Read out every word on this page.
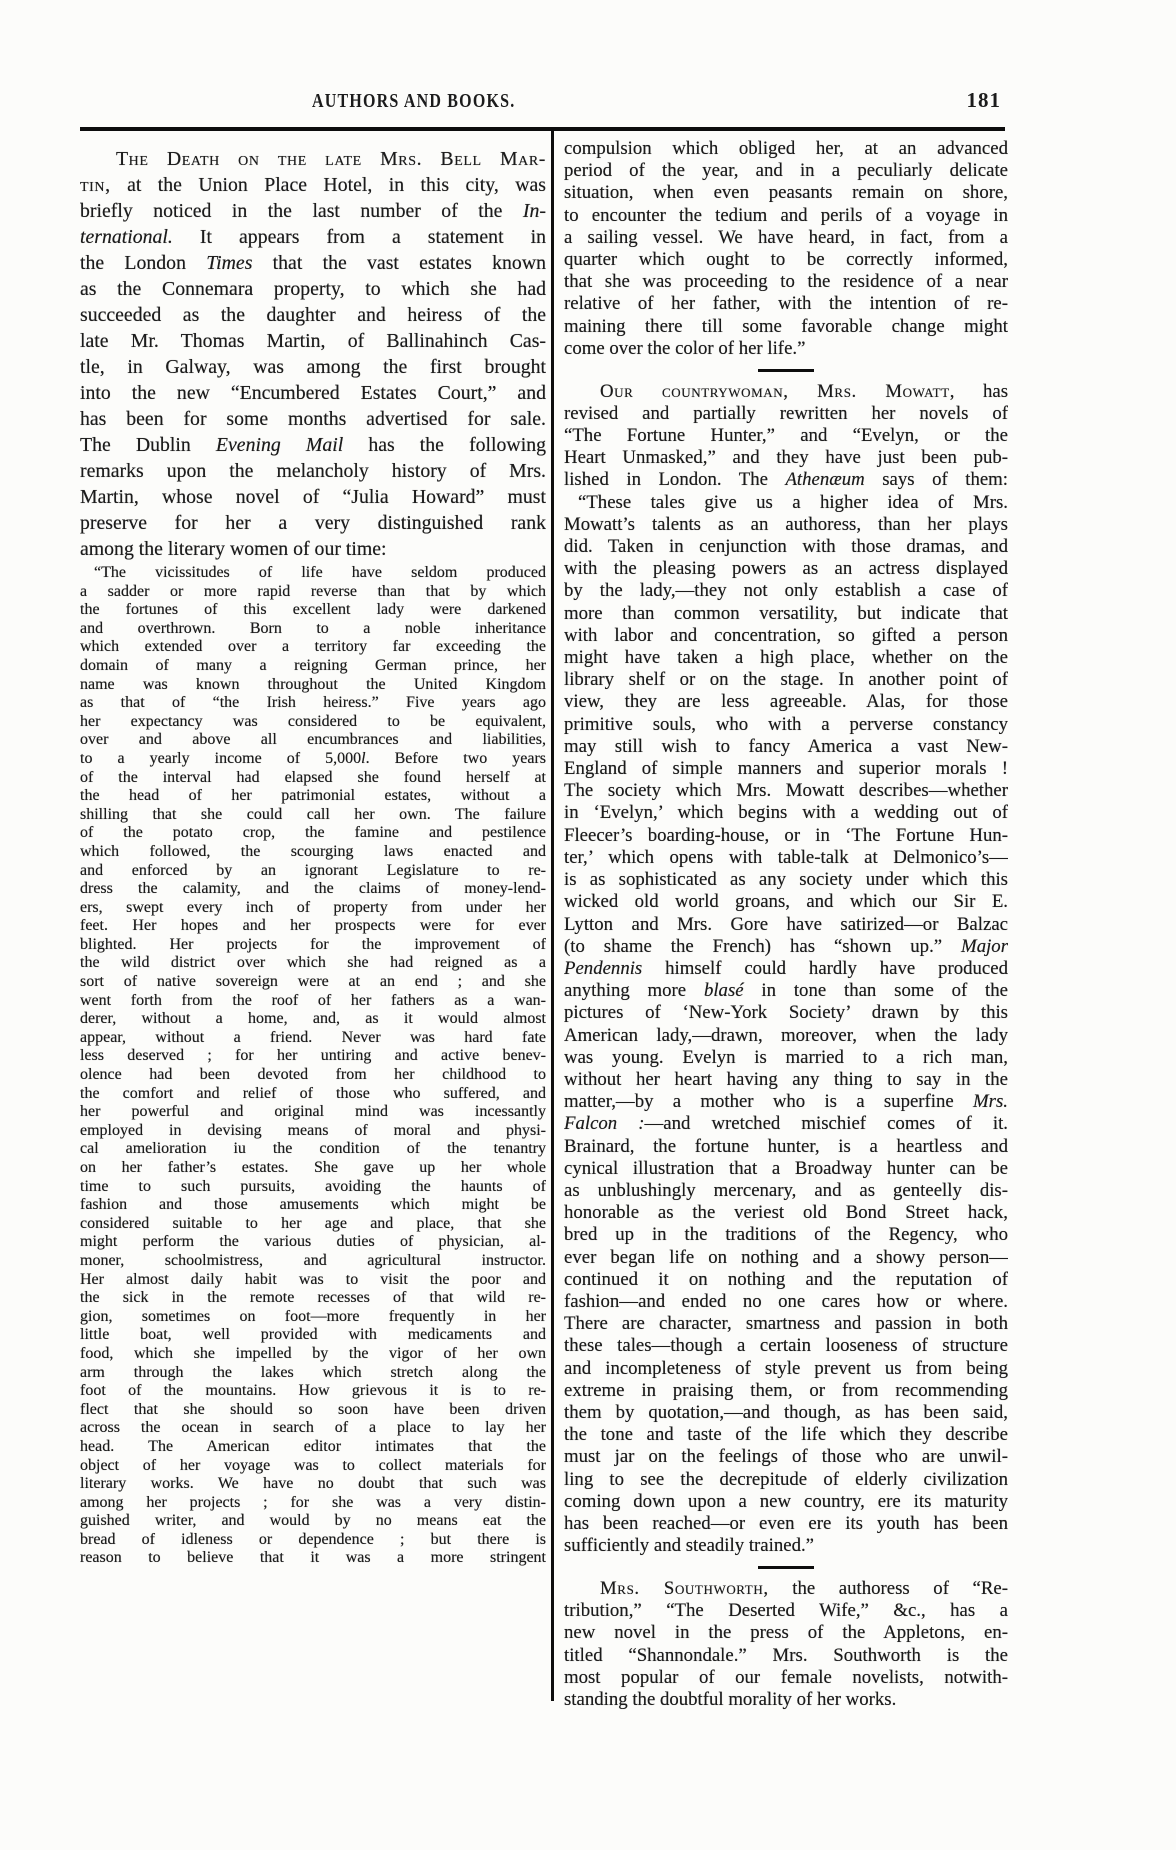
AUTHORS AND BOOKS.	181
The Death on the late Mrs. Bell Mar-
tin, at the Union Place Hotel, in this city, was
briefly noticed in the last number of the In-
ternational. It appears from a statement in
the London Times that the vast estates known
as the Connemara property, to which she had
succeeded as the daughter and heiress of the
late Mr. Thomas Martin, of Ballinahinch Cas-
tle, in Galway, was among the first brought
into the new “Encumbered Estates Court,” and
has been for some months advertised for sale.
The Dublin Evening Mail has the following
remarks upon the melancholy history of Mrs.
Martin, whose novel of “Julia Howard” must
preserve for her a very distinguished rank
among the literary women of our time:
“The vicissitudes of life have seldom produced
a sadder or more rapid reverse than that by which
the fortunes of this excellent lady were darkened
and overthrown. Born to a noble inheritance
which extended over a territory far exceeding the
domain of many a reigning German prince, her
name was known throughout the United Kingdom
as that of “the Irish heiress.” Five years ago
her expectancy was considered to be equivalent,
over and above all encumbrances and liabilities,
to a yearly income of 5,000l. Before two years
of the interval had elapsed she found herself at
the head of her patrimonial estates, without a
shilling that she could call her own. The failure
of the potato crop, the famine and pestilence
which followed, the scourging laws enacted and
and enforced by an ignorant Legislature to re-
dress the calamity, and the claims of money-lend-
ers, swept every inch of property from under her
feet. Her hopes and her prospects were for ever
blighted. Her projects for the improvement of
the wild district over which she had reigned as a
sort of native sovereign were at an end ; and she
went forth from the roof of her fathers as a wan-
derer, without a home, and, as it would almost
appear, without a friend. Never was hard fate
less deserved ; for her untiring and active benev-
olence had been devoted from her childhood to
the comfort and relief of those who suffered, and
her powerful and original mind was incessantly
employed in devising means of moral and physi-
cal amelioration iu the condition of the tenantry
on her father’s estates. She gave up her whole
time to such pursuits, avoiding the haunts of
fashion and those amusements which might be
considered suitable to her age and place, that she
might perform the various duties of physician, al-
moner, schoolmistress, and agricultural instructor.
Her almost daily habit was to visit the poor and
the sick in the remote recesses of that wild re-
gion, sometimes on foot—more frequently in her
little boat, well provided with medicaments and
food, which she impelled by the vigor of her own
arm through the lakes which stretch along the
foot of the mountains. How grievous it is to re-
flect that she should so soon have been driven
across the ocean in search of a place to lay her
head. The American editor intimates that the
object of her voyage was to collect materials for
literary works. We have no doubt that such was
among her projects ; for she was a very distin-
guished writer, and would by no means eat the
bread of idleness or dependence ; but there is
reason to believe that it was a more stringent
compulsion which obliged her, at an advanced
period of the year, and in a peculiarly delicate
situation, when even peasants remain on shore,
to encounter the tedium and perils of a voyage in
a sailing vessel. We have heard, in fact, from a
quarter which ought to be correctly informed,
that she was proceeding to the residence of a near
relative of her father, with the intention of re-
maining there till some favorable change might
come over the color of her life.”
Our countrywoman, Mrs. Mowatt, has
revised and partially rewritten her novels of
“The Fortune Hunter,” and “Evelyn, or the
Heart Unmasked,” and they have just been pub-
lished in London. The Athenæum says of them:
“These tales give us a higher idea of Mrs.
Mowatt’s talents as an authoress, than her plays
did. Taken in cenjunction with those dramas, and
with the pleasing powers as an actress displayed
by the lady,—they not only establish a case of
more than common versatility, but indicate that
with labor and concentration, so gifted a person
might have taken a high place, whether on the
library shelf or on the stage. In another point of
view, they are less agreeable. Alas, for those
primitive souls, who with a perverse constancy
may still wish to fancy America a vast New-
England of simple manners and superior morals !
The society which Mrs. Mowatt describes—whether
in ‘Evelyn,’ which begins with a wedding out of
Fleecer’s boarding-house, or in ‘The Fortune Hun-
ter,’ which opens with table-talk at Delmonico’s—
is as sophisticated as any society under which this
wicked old world groans, and which our Sir E.
Lytton and Mrs. Gore have satirized—or Balzac
(to shame the French) has “shown up.” Major
Pendennis himself could hardly have produced
anything more blasé in tone than some of the
pictures of ‘New-York Society’ drawn by this
American lady,—drawn, moreover, when the lady
was young. Evelyn is married to a rich man,
without her heart having any thing to say in the
matter,—by a mother who is a superfine Mrs.
Falcon :—and wretched mischief comes of it.
Brainard, the fortune hunter, is a heartless and
cynical illustration that a Broadway hunter can be
as unblushingly mercenary, and as genteelly dis-
honorable as the veriest old Bond Street hack,
bred up in the traditions of the Regency, who
ever began life on nothing and a showy person—
continued it on nothing and the reputation of
fashion—and ended no one cares how or where.
There are character, smartness and passion in both
these tales—though a certain looseness of structure
and incompleteness of style prevent us from being
extreme in praising them, or from recommending
them by quotation,—and though, as has been said,
the tone and taste of the life which they describe
must jar on the feelings of those who are unwil-
ling to see the decrepitude of elderly civilization
coming down upon a new country, ere its maturity
has been reached—or even ere its youth has been
sufficiently and steadily trained.”
Mrs. Southworth, the authoress of “Re-
tribution,” “The Deserted Wife,” &c., has a
new novel in the press of the Appletons, en-
titled “Shannondale.” Mrs. Southworth is the
most popular of our female novelists, notwith-
standing the doubtful morality of her works.
